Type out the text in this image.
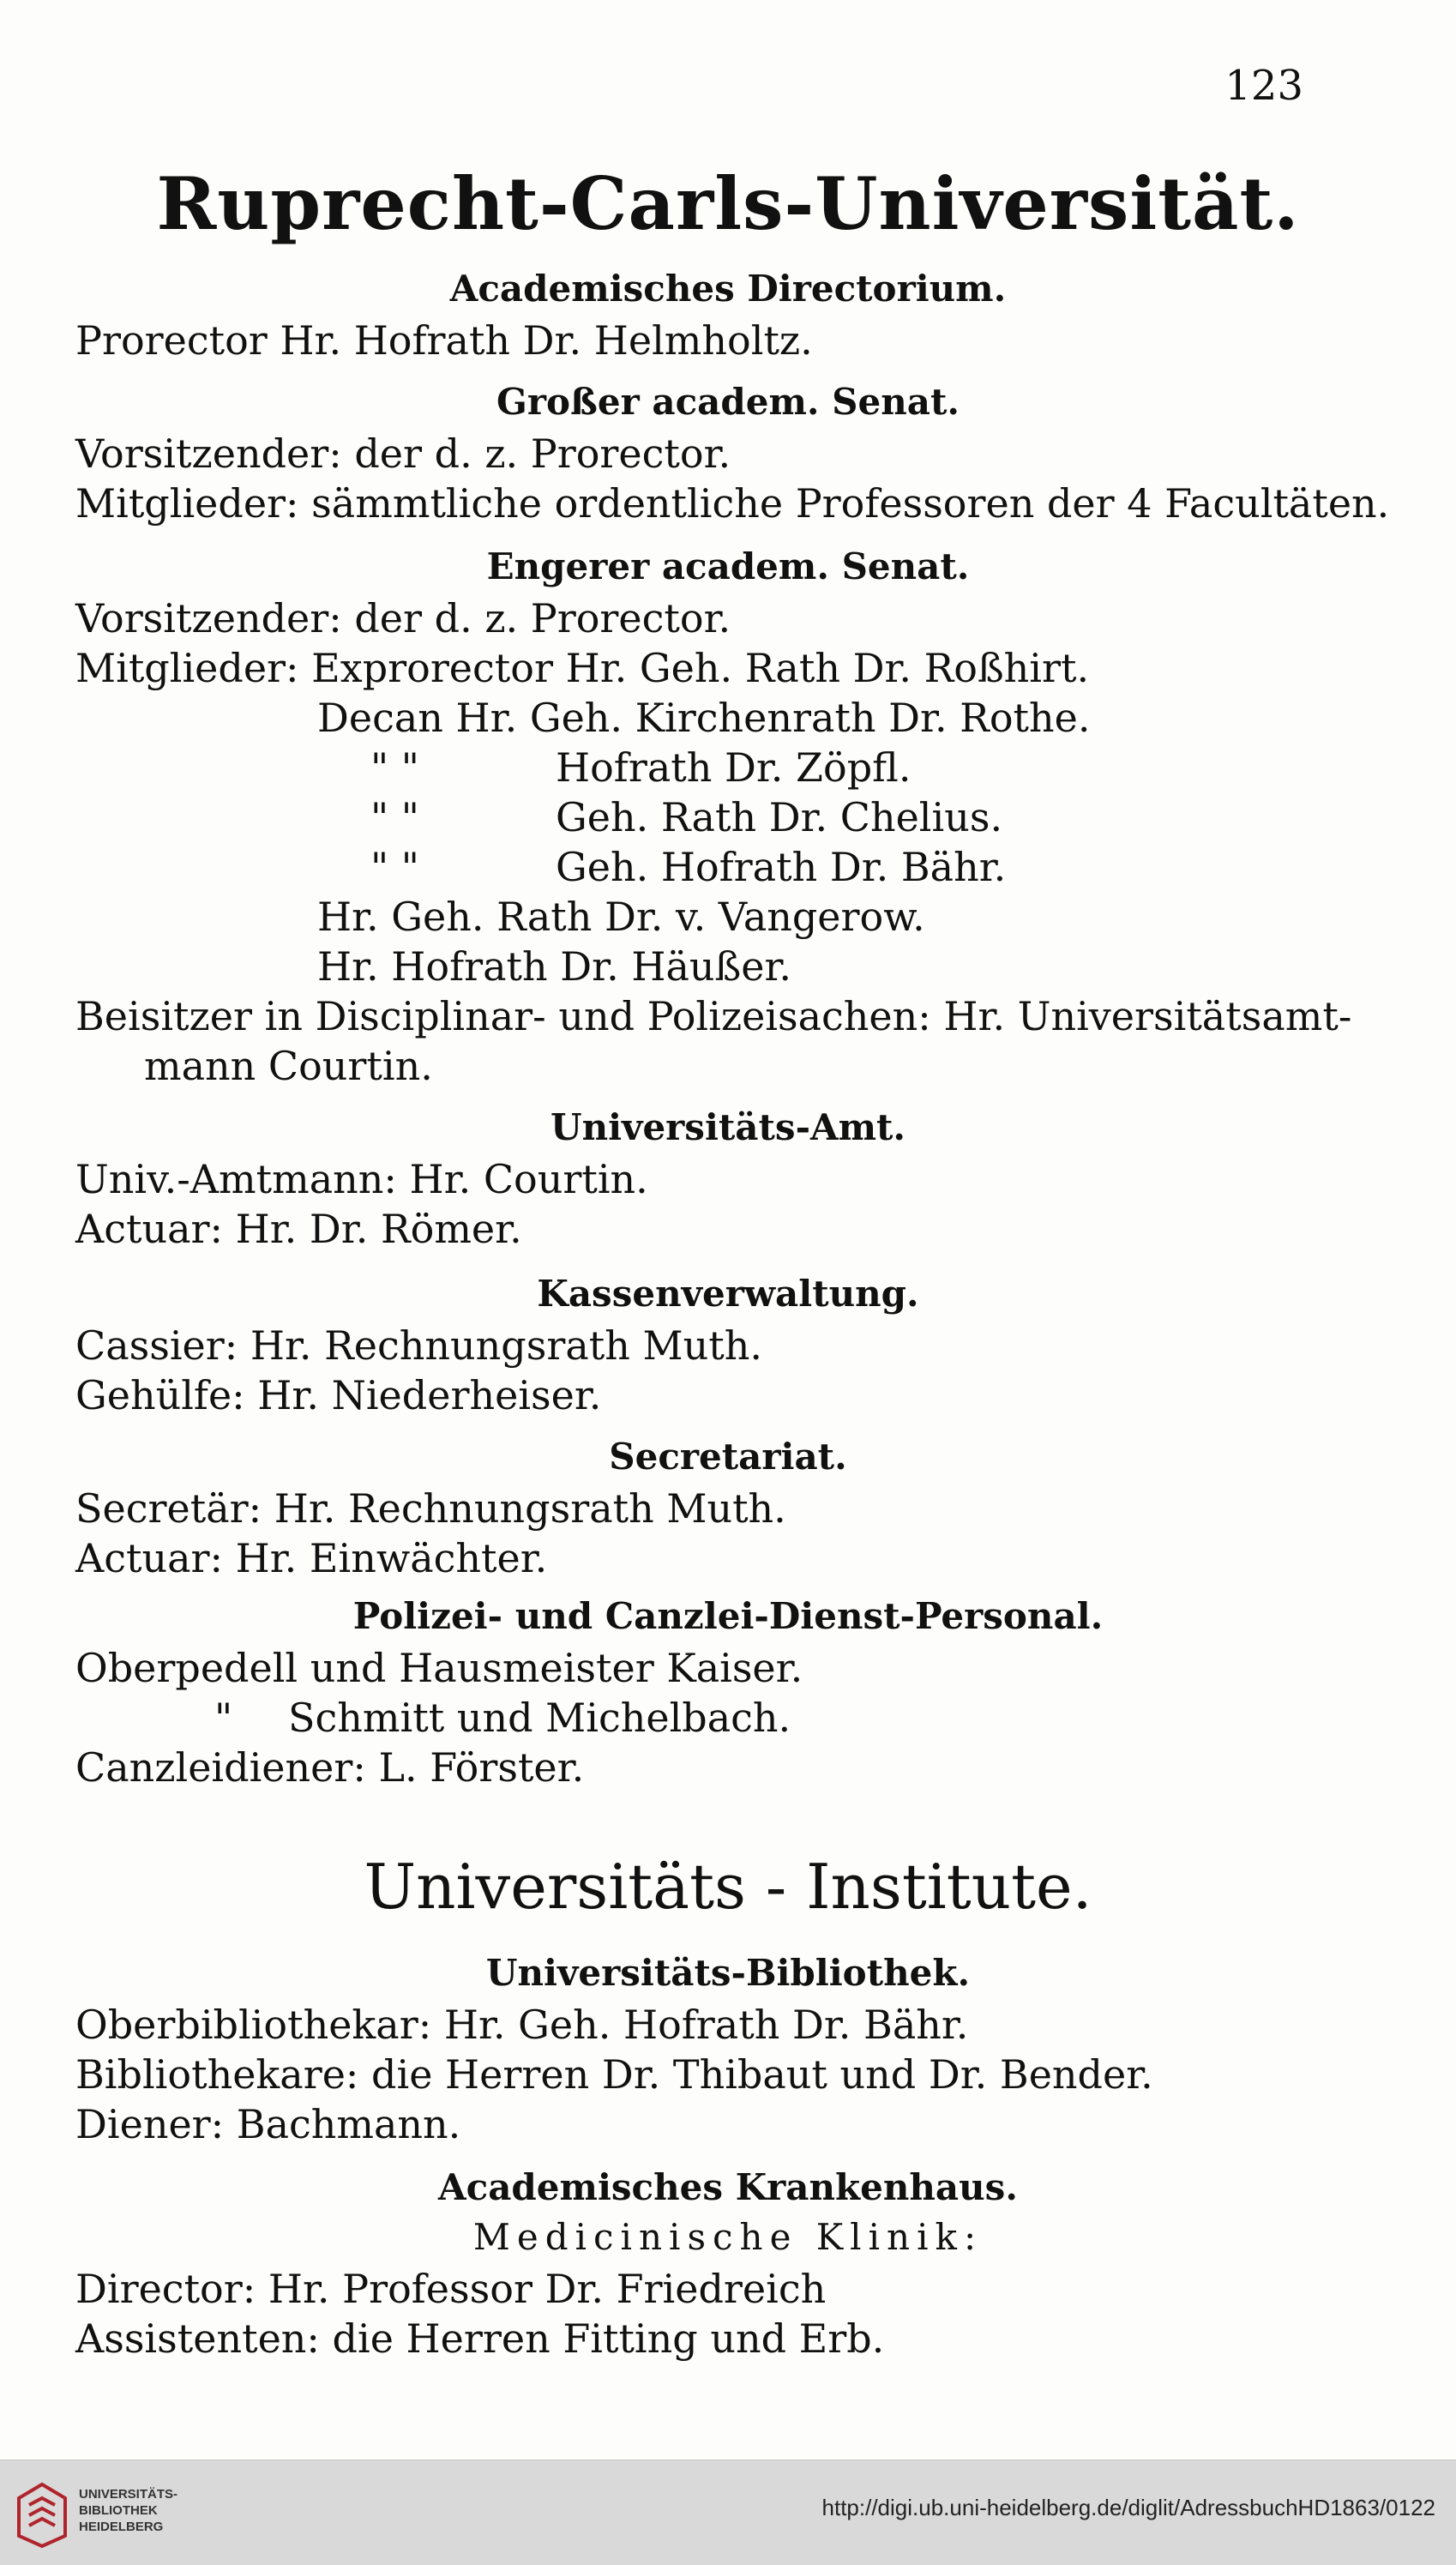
123
Ruprecht-Carls-Universität.
Academisches Directorium.
Prorector Hr. Hofrath Dr. Helmholtz.
Großer academ. Senat.
Vorsitzender: der d. z. Prorector.
Mitglieder: sämmtliche ordentliche Professoren der 4 Facultäten.
Engerer academ. Senat.
Vorsitzender: der d. z. Prorector.
Mitglieder: Exprorector Hr. Geh. Rath Dr. Roßhirt.
Decan Hr. Geh. Kirchenrath Dr. Rothe.
" "	Hofrath Dr. Zöpfl.
" "	Geh. Rath Dr. Chelius.
" "	Geh. Hofrath Dr. Bähr.
Hr. Geh. Rath Dr. v. Vangerow.
Hr. Hofrath Dr. Häußer.
Beisitzer in Disciplinar- und Polizeisachen: Hr. Universitätsamt-
mann Courtin.
Universitäts-Amt.
Univ.-Amtmann: Hr. Courtin.
Actuar: Hr. Dr. Römer.
Kassenverwaltung.
Cassier: Hr. Rechnungsrath Muth.
Gehülfe: Hr. Niederheiser.
Secretariat.
Secretär: Hr. Rechnungsrath Muth.
Actuar: Hr. Einwächter.
Polizei- und Canzlei-Dienst-Personal.
Oberpedell und Hausmeister Kaiser.
" Schmitt und Michelbach.
Canzleidiener: L. Förster.
Universitäts - Institute.
Universitäts-Bibliothek.
Oberbibliothekar: Hr. Geh. Hofrath Dr. Bähr.
Bibliothekare: die Herren Dr. Thibaut und Dr. Bender.
Diener: Bachmann.
Academisches Krankenhaus.
Medicinische Klinik:
Director: Hr. Professor Dr. Friedreich
Assistenten: die Herren Fitting und Erb.
UNIVERSITÄTS-
BIBLIOTHEK
HEIDELBERG
http://digi.ub.uni-heidelberg.de/diglit/AdressbuchHD1863/0122
